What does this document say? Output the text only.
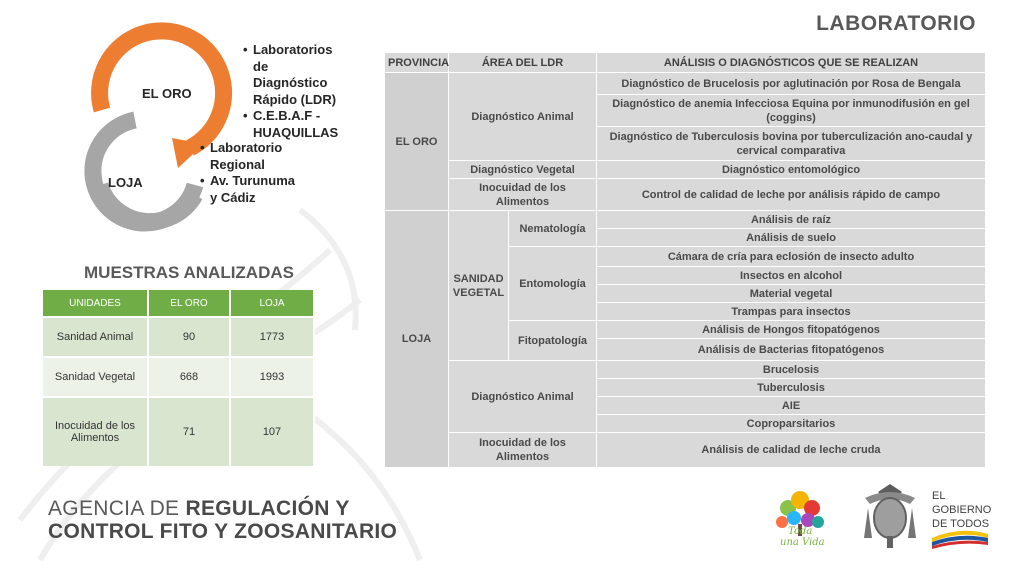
LABORATORIO
EL ORO
LOJA
• Laboratorios de Diagnóstico Rápido (LDR)
• C.E.B.A.F - HUAQUILLAS
• Laboratorio Regional
• Av. Turunuma y Cádiz
MUESTRAS ANALIZADAS
UNIDADES	EL ORO	LOJA
Sanidad Animal	90	1773
Sanidad Vegetal	668	1993
Inocuidad de los Alimentos	71	107
PROVINCIA	ÁREA DEL LDR		ANÁLISIS O DIAGNÓSTICOS QUE SE REALIZAN
EL ORO	Diagnóstico Animal		Diagnóstico de Brucelosis por aglutinación por Rosa de Bengala
			Diagnóstico de anemia Infecciosa Equina por inmunodifusión en gel (coggins)
			Diagnóstico de Tuberculosis bovina por tuberculización ano-caudal y cervical comparativa
	Diagnóstico Vegetal		Diagnóstico entomológico
	Inocuidad de los Alimentos		Control de calidad de leche por análisis rápido de campo
LOJA	SANIDAD VEGETAL	Nematología	Análisis de raíz
			Análisis de suelo
		Entomología	Cámara de cría para eclosión de insecto adulto
			Insectos en alcohol
			Material vegetal
			Trampas para insectos
		Fitopatología	Análisis de Hongos fitopatógenos
			Análisis de Bacterias fitopatógenos
	Diagnóstico Animal		Brucelosis
			Tuberculosis
			AIE
			Coproparsitarios
	Inocuidad de los Alimentos		Análisis de calidad de leche cruda
AGENCIA DE REGULACIÓN Y
CONTROL FITO Y ZOOSANITARIO	Toda
una Vida
EL
GOBIERNO
DE TODOS
